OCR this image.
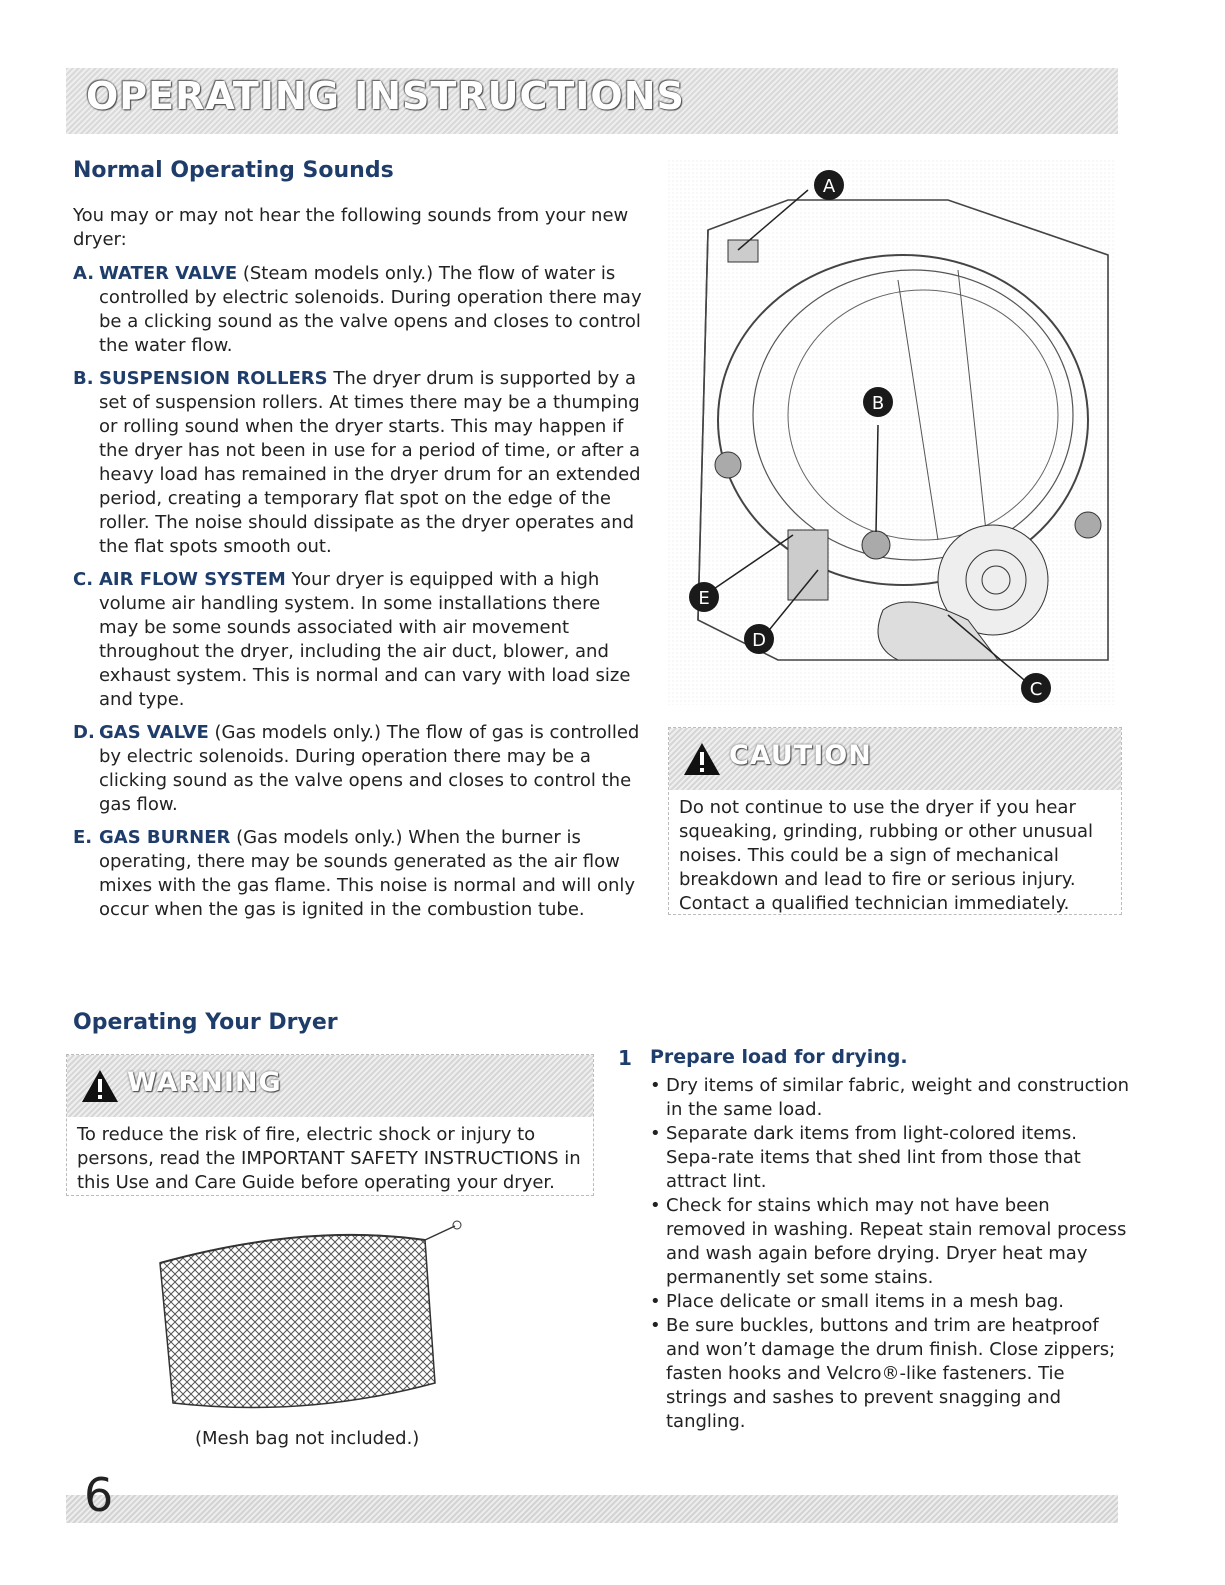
OPERATING INSTRUCTIONS
Normal Operating Sounds
You may or may not hear the following sounds from your new dryer:
A. WATER VALVE (Steam models only.) The flow of water is controlled by electric solenoids. During operation there may be a clicking sound as the valve opens and closes to control the water flow.
B. SUSPENSION ROLLERS The dryer drum is supported by a set of suspension rollers. At times there may be a thumping or rolling sound when the dryer starts. This may happen if the dryer has not been in use for a period of time, or after a heavy load has remained in the dryer drum for an extended period, creating a temporary flat spot on the edge of the roller. The noise should dissipate as the dryer operates and the flat spots smooth out.
C. AIR FLOW SYSTEM Your dryer is equipped with a high volume air handling system. In some installations there may be some sounds associated with air movement throughout the dryer, including the air duct, blower, and exhaust system. This is normal and can vary with load size and type.
D. GAS VALVE (Gas models only.) The flow of gas is controlled by electric solenoids. During operation there may be a clicking sound as the valve opens and closes to control the gas flow.
E. GAS BURNER (Gas models only.) When the burner is operating, there may be sounds generated as the air flow mixes with the gas flame. This noise is normal and will only occur when the gas is ignited in the combustion tube.
A
B
C
D
E
CAUTION
Do not continue to use the dryer if you hear squeaking, grinding, rubbing or other unusual noises. This could be a sign of mechanical breakdown and lead to fire or serious injury. Contact a qualified technician immediately.
Operating Your Dryer
WARNING
To reduce the risk of fire, electric shock or injury to persons, read the IMPORTANT SAFETY INSTRUCTIONS in this Use and Care Guide before operating your dryer.
(Mesh bag not included.)
1 Prepare load for drying.
• Dry items of similar fabric, weight and construction in the same load.
• Separate dark items from light-colored items. Sepa-rate items that shed lint from those that attract lint.
• Check for stains which may not have been removed in washing. Repeat stain removal process and wash again before drying. Dryer heat may permanently set some stains.
• Place delicate or small items in a mesh bag.
• Be sure buckles, buttons and trim are heatproof and won’t damage the drum finish. Close zippers; fasten hooks and Velcro®-like fasteners. Tie strings and sashes to prevent snagging and tangling.
6
